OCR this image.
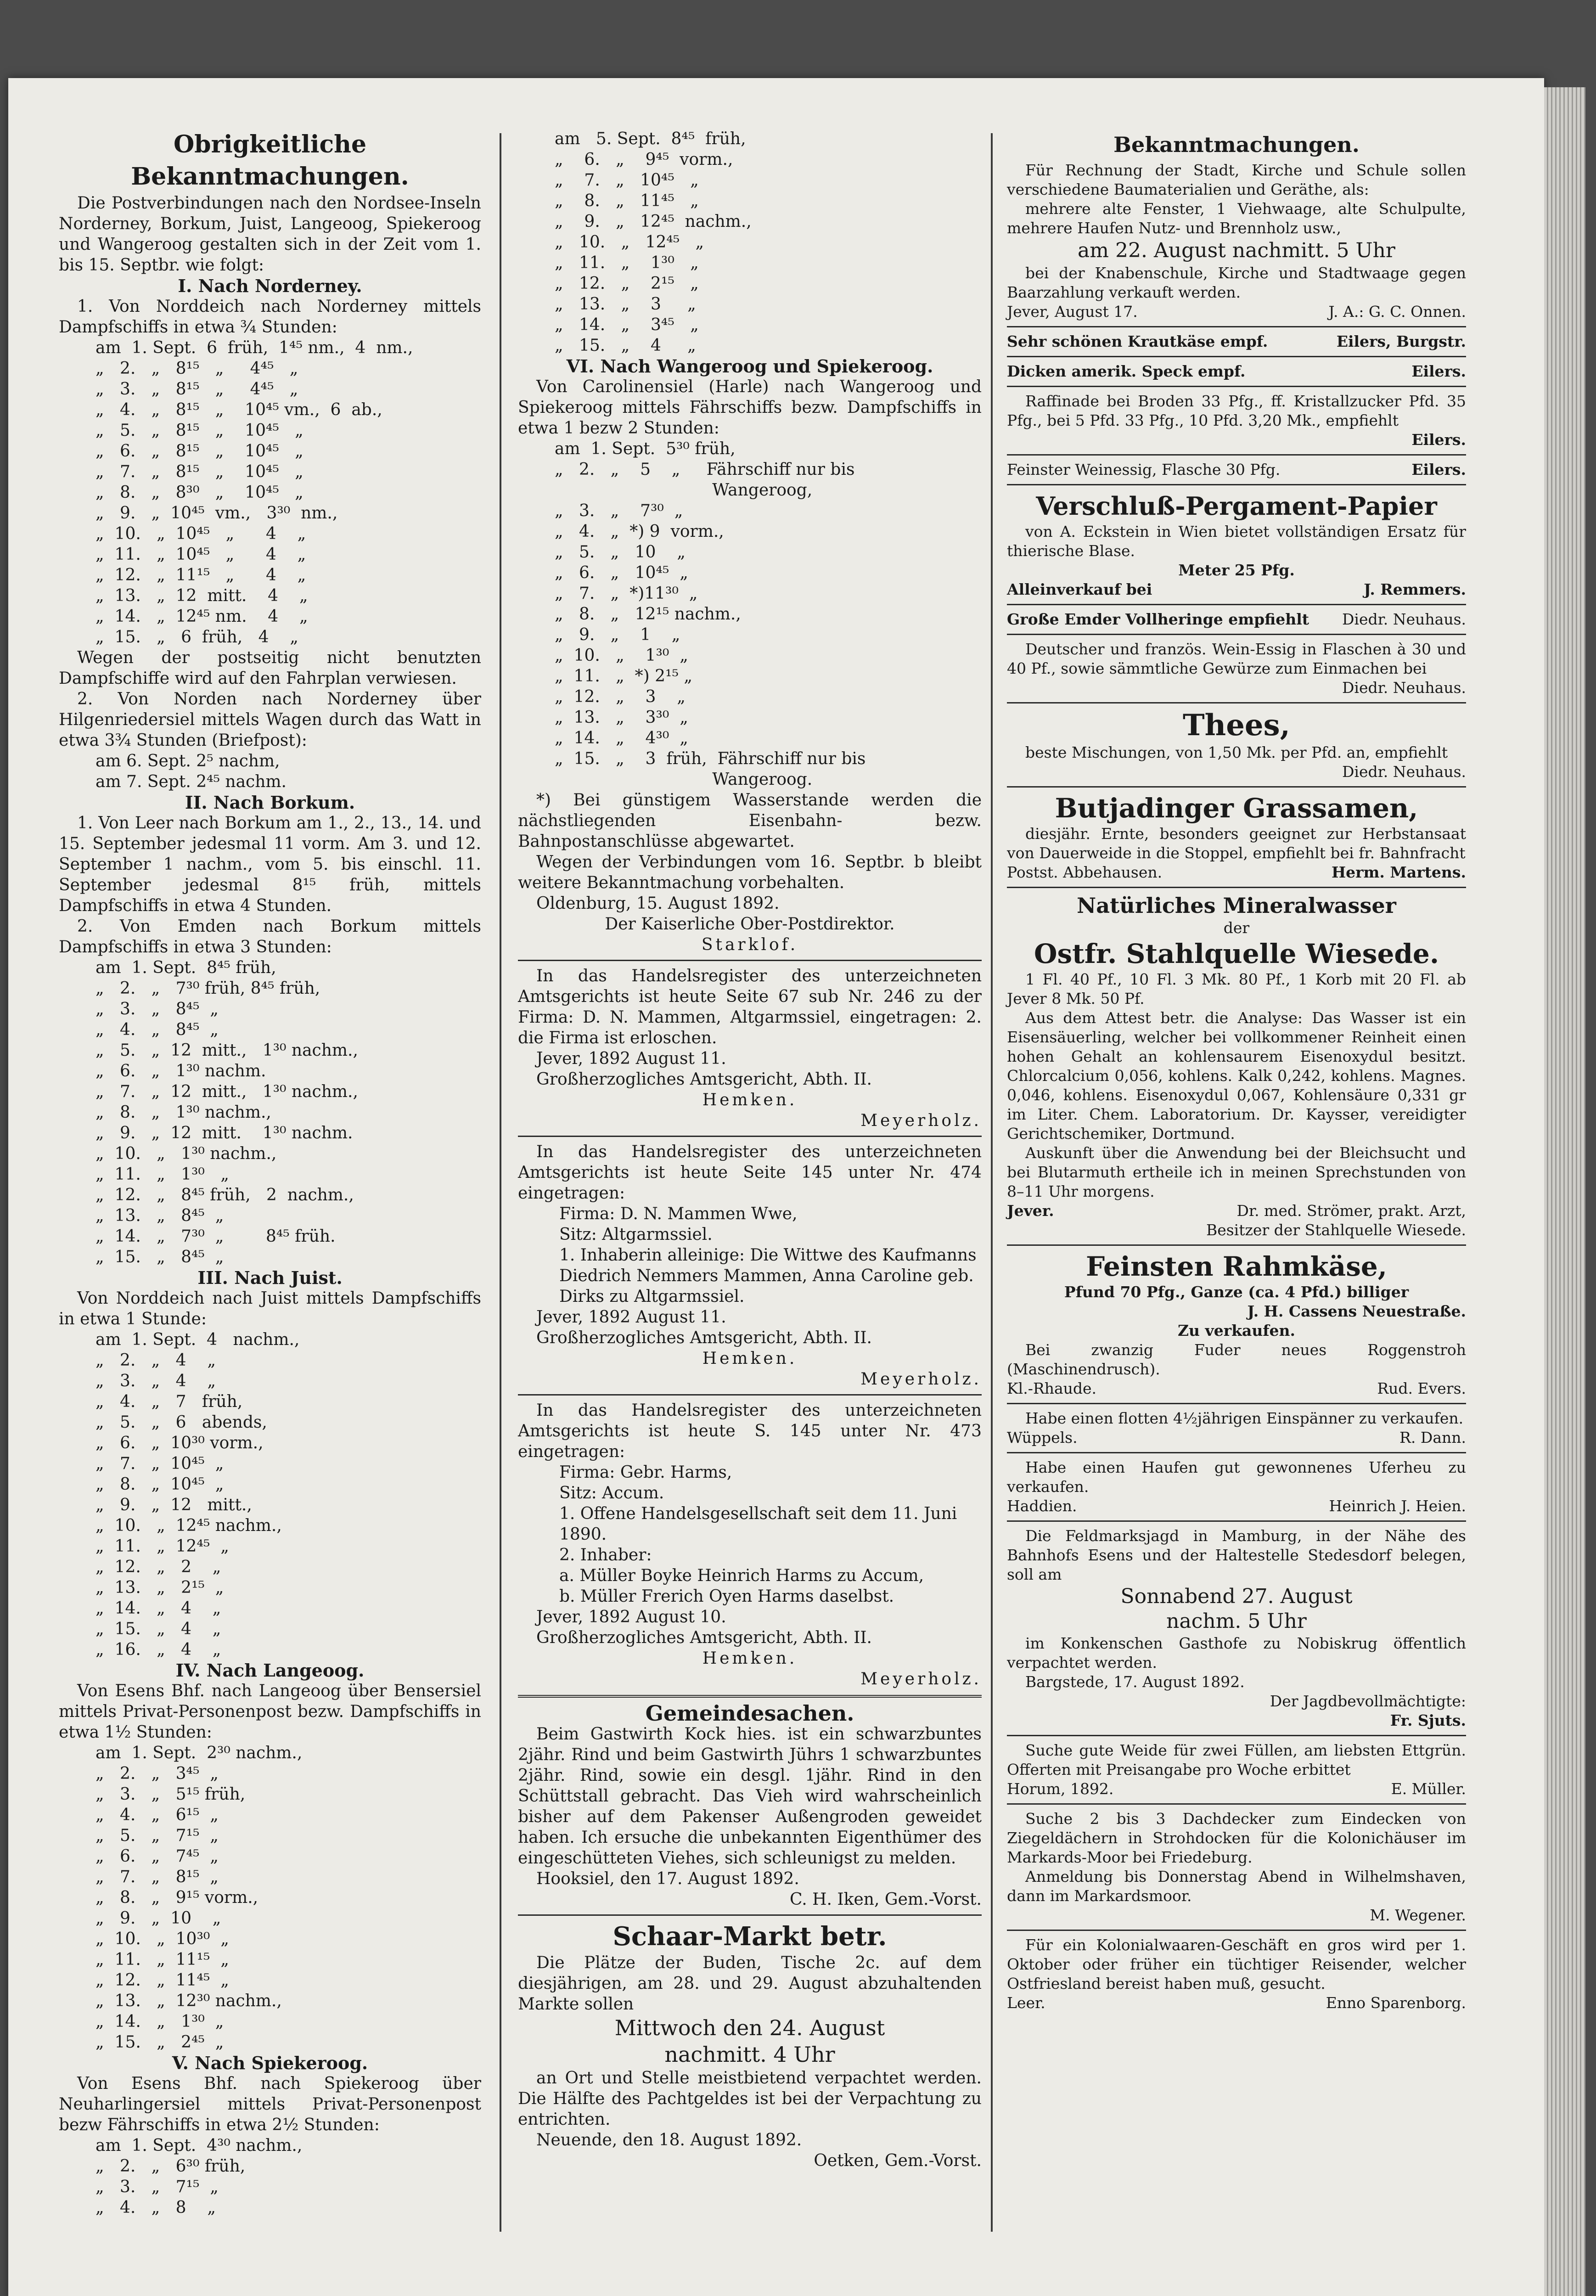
Obrigkeitliche Bekanntmachungen.
Die Postverbindungen nach den Nordsee-Inseln Norderney, Borkum, Juist, Langeoog, Spiekeroog und Wangeroog gestalten sich in der Zeit vom 1. bis 15. Septbr. wie folgt:
I. Nach Norderney.
1. Von Norddeich nach Norderney mittels Dampfschiffs in etwa ¾ Stunden:
am  1. Sept.  6  früh,  1⁴⁵ nm.,  4  nm.,
„   2.   „   8¹⁵   „     4⁴⁵   „
„   3.   „   8¹⁵   „     4⁴⁵   „
„   4.   „   8¹⁵   „    10⁴⁵ vm.,  6  ab.,
„   5.   „   8¹⁵   „    10⁴⁵   „
„   6.   „   8¹⁵   „    10⁴⁵   „
„   7.   „   8¹⁵   „    10⁴⁵   „
„   8.   „   8³⁰   „    10⁴⁵   „
„   9.   „  10⁴⁵  vm.,   3³⁰  nm.,
„  10.   „  10⁴⁵   „      4    „
„  11.   „  10⁴⁵   „      4    „
„  12.   „  11¹⁵   „      4    „
„  13.   „  12  mitt.    4    „
„  14.   „  12⁴⁵ nm.    4    „
„  15.   „   6  früh,   4    „
Wegen der postseitig nicht benutzten Dampfschiffe wird auf den Fahrplan verwiesen.
2. Von Norden nach Norderney über Hilgenriedersiel mittels Wagen durch das Watt in etwa 3¾ Stunden (Briefpost):
am 6. Sept. 2⁵ nachm,
am 7. Sept. 2⁴⁵ nachm.
II. Nach Borkum.
1. Von Leer nach Borkum am 1., 2., 13., 14. und 15. September jedesmal 11 vorm. Am 3. und 12. September 1 nachm., vom 5. bis einschl. 11. September jedesmal 8¹⁵ früh, mittels Dampfschiffs in etwa 4 Stunden.
2. Von Emden nach Borkum mittels Dampfschiffs in etwa 3 Stunden:
am  1. Sept.  8⁴⁵ früh,
„   2.   „   7³⁰ früh, 8⁴⁵ früh,
„   3.   „   8⁴⁵  „
„   4.   „   8⁴⁵  „
„   5.   „  12  mitt.,   1³⁰ nachm.,
„   6.   „   1³⁰ nachm.
„   7.   „  12  mitt.,   1³⁰ nachm.,
„   8.   „   1³⁰ nachm.,
„   9.   „  12  mitt.    1³⁰ nachm.
„  10.   „   1³⁰ nachm.,
„  11.   „   1³⁰   „
„  12.   „   8⁴⁵ früh,   2  nachm.,
„  13.   „   8⁴⁵  „
„  14.   „   7³⁰  „        8⁴⁵ früh.
„  15.   „   8⁴⁵  „
III. Nach Juist.
Von Norddeich nach Juist mittels Dampfschiffs in etwa 1 Stunde:
am  1. Sept.  4   nachm.,
„   2.   „   4    „
„   3.   „   4    „
„   4.   „   7   früh,
„   5.   „   6   abends,
„   6.   „  10³⁰ vorm.,
„   7.   „  10⁴⁵  „
„   8.   „  10⁴⁵  „
„   9.   „  12   mitt.,
„  10.   „  12⁴⁵ nachm.,
„  11.   „  12⁴⁵  „
„  12.   „   2    „
„  13.   „   2¹⁵  „
„  14.   „   4    „
„  15.   „   4    „
„  16.   „   4    „
IV. Nach Langeoog.
Von Esens Bhf. nach Langeoog über Bensersiel mittels Privat-Personenpost bezw. Dampfschiffs in etwa 1½ Stunden:
am  1. Sept.  2³⁰ nachm.,
„   2.   „   3⁴⁵  „
„   3.   „   5¹⁵ früh,
„   4.   „   6¹⁵  „
„   5.   „   7¹⁵  „
„   6.   „   7⁴⁵  „
„   7.   „   8¹⁵  „
„   8.   „   9¹⁵ vorm.,
„   9.   „  10    „
„  10.   „  10³⁰  „
„  11.   „  11¹⁵  „
„  12.   „  11⁴⁵  „
„  13.   „  12³⁰ nachm.,
„  14.   „   1³⁰  „
„  15.   „   2⁴⁵  „
V. Nach Spiekeroog.
Von Esens Bhf. nach Spiekeroog über Neuharlingersiel mittels Privat-Personenpost bezw Fährschiffs in etwa 2½ Stunden:
am  1. Sept.  4³⁰ nachm.,
„   2.   „   6³⁰ früh,
„   3.   „   7¹⁵  „
„   4.   „   8    „
am   5. Sept.  8⁴⁵  früh,
„    6.   „    9⁴⁵  vorm.,
„    7.   „   10⁴⁵   „
„    8.   „   11⁴⁵   „
„    9.   „   12⁴⁵  nachm.,
„   10.   „   12⁴⁵   „
„   11.   „    1³⁰   „
„   12.   „    2¹⁵   „
„   13.   „    3     „
„   14.   „    3⁴⁵   „
„   15.   „    4     „
VI. Nach Wangeroog und Spiekeroog.
Von Carolinensiel (Harle) nach Wangeroog und Spiekeroog mittels Fährschiffs bezw. Dampfschiffs in etwa 1 bezw 2 Stunden:
am  1. Sept.  5³⁰ früh,
„   2.   „    5    „     Fährschiff nur bis
Wangeroog,
„   3.   „    7³⁰  „
„   4.   „  *) 9  vorm.,
„   5.   „   10    „
„   6.   „   10⁴⁵  „
„   7.   „  *)11³⁰  „
„   8.   „   12¹⁵ nachm.,
„   9.   „    1    „
„  10.   „    1³⁰  „
„  11.   „  *) 2¹⁵ „
„  12.   „    3    „
„  13.   „    3³⁰  „
„  14.   „    4³⁰  „
„  15.   „    3  früh,  Fährschiff nur bis
Wangeroog.
*) Bei günstigem Wasserstande werden die nächstliegenden Eisenbahn- bezw. Bahnpostanschlüsse abgewartet.
Wegen der Verbindungen vom 16. Septbr. b bleibt weitere Bekanntmachung vorbehalten.
Oldenburg, 15. August 1892.
Der Kaiserliche Ober-Postdirektor.
Starklof.
In das Handelsregister des unterzeichneten Amtsgerichts ist heute Seite 67 sub Nr. 246 zu der Firma: D. N. Mammen, Altgarmssiel, eingetragen: 2. die Firma ist erloschen.
Jever, 1892 August 11.
Großherzogliches Amtsgericht, Abth. II.
Hemken.
Meyerholz.
In das Handelsregister des unterzeichneten Amtsgerichts ist heute Seite 145 unter Nr. 474 eingetragen:
Firma: D. N. Mammen Wwe,
Sitz: Altgarmssiel.
1. Inhaberin alleinige: Die Wittwe des Kaufmanns Diedrich Nemmers Mammen, Anna Caroline geb. Dirks zu Altgarmssiel.
Jever, 1892 August 11.
Großherzogliches Amtsgericht, Abth. II.
Hemken.
Meyerholz.
In das Handelsregister des unterzeichneten Amtsgerichts ist heute S. 145 unter Nr. 473 eingetragen:
Firma: Gebr. Harms,
Sitz: Accum.
1. Offene Handelsgesellschaft seit dem 11. Juni 1890.
2. Inhaber:
a. Müller Boyke Heinrich Harms zu Accum,
b. Müller Frerich Oyen Harms daselbst.
Jever, 1892 August 10.
Großherzogliches Amtsgericht, Abth. II.
Hemken.
Meyerholz.
Gemeindesachen.
Beim Gastwirth Kock hies. ist ein schwarzbuntes 2jähr. Rind und beim Gastwirth Jührs 1 schwarzbuntes 2jähr. Rind, sowie ein desgl. 1jähr. Rind in den Schüttstall gebracht. Das Vieh wird wahrscheinlich bisher auf dem Pakenser Außengroden geweidet haben. Ich ersuche die unbekannten Eigenthümer des eingeschütteten Viehes, sich schleunigst zu melden.
Hooksiel, den 17. August 1892.
C. H. Iken, Gem.-Vorst.
Schaar-Markt betr.
Die Plätze der Buden, Tische 2c. auf dem diesjährigen, am 28. und 29. August abzuhaltenden Markte sollen
Mittwoch den 24. August
nachmitt. 4 Uhr
an Ort und Stelle meistbietend verpachtet werden. Die Hälfte des Pachtgeldes ist bei der Verpachtung zu entrichten.
Neuende, den 18. August 1892.
Oetken, Gem.-Vorst.
Bekanntmachungen.
Für Rechnung der Stadt, Kirche und Schule sollen verschiedene Baumaterialien und Geräthe, als:
mehrere alte Fenster, 1 Viehwaage, alte Schulpulte, mehrere Haufen Nutz- und Brennholz usw.,
am 22. August nachmitt. 5 Uhr
bei der Knabenschule, Kirche und Stadtwaage gegen Baarzahlung verkauft werden.
Jever, August 17.	J. A.: G. C. Onnen.
Sehr schönen Krautkäse empf.	Eilers, Burgstr.
Dicken amerik. Speck empf.	Eilers.
Raffinade bei Broden 33 Pfg., ff. Kristallzucker Pfd. 35 Pfg., bei 5 Pfd. 33 Pfg., 10 Pfd. 3,20 Mk., empfiehlt
Eilers.
Feinster Weinessig, Flasche 30 Pfg.	Eilers.
Verschluß-Pergament-Papier
von A. Eckstein in Wien bietet vollständigen Ersatz für thierische Blase.
Meter 25 Pfg.
Alleinverkauf bei	J. Remmers.
Große Emder Vollheringe empfiehlt Diedr. Neuhaus.
Deutscher und französ. Wein-Essig in Flaschen à 30 und 40 Pf., sowie sämmtliche Gewürze zum Einmachen bei
Diedr. Neuhaus.
Thees,
beste Mischungen, von 1,50 Mk. per Pfd. an, empfiehlt
Diedr. Neuhaus.
Butjadinger Grassamen,
diesjähr. Ernte, besonders geeignet zur Herbstansaat von Dauerweide in die Stoppel, empfiehlt bei fr. Bahnfracht
Postst. Abbehausen.	Herm. Martens.
Natürliches Mineralwasser
der
Ostfr. Stahlquelle Wiesede.
1 Fl. 40 Pf., 10 Fl. 3 Mk. 80 Pf., 1 Korb mit 20 Fl. ab Jever 8 Mk. 50 Pf.
Aus dem Attest betr. die Analyse: Das Wasser ist ein Eisensäuerling, welcher bei vollkommener Reinheit einen hohen Gehalt an kohlensaurem Eisenoxydul besitzt. Chlorcalcium 0,056, kohlens. Kalk 0,242, kohlens. Magnes. 0,046, kohlens. Eisenoxydul 0,067, Kohlensäure 0,331 gr im Liter. Chem. Laboratorium. Dr. Kaysser, vereidigter Gerichtschemiker, Dortmund.
Auskunft über die Anwendung bei der Bleichsucht und bei Blutarmuth ertheile ich in meinen Sprechstunden von 8–11 Uhr morgens.
Jever.	Dr. med. Strömer, prakt. Arzt,
Besitzer der Stahlquelle Wiesede.
Feinsten Rahmkäse,
Pfund 70 Pfg., Ganze (ca. 4 Pfd.) billiger
J. H. Cassens Neuestraße.
Zu verkaufen.
Bei zwanzig Fuder neues Roggenstroh (Maschinendrusch).
Kl.-Rhaude.	Rud. Evers.
Habe einen flotten 4½jährigen Einspänner zu verkaufen.
Wüppels.	R. Dann.
Habe einen Haufen gut gewonnenes Uferheu zu verkaufen.
Haddien.	Heinrich J. Heien.
Die Feldmarksjagd in Mamburg, in der Nähe des Bahnhofs Esens und der Haltestelle Stedesdorf belegen, soll am
Sonnabend 27. August
nachm. 5 Uhr
im Konkenschen Gasthofe zu Nobiskrug öffentlich verpachtet werden.
Bargstede, 17. August 1892.
Der Jagdbevollmächtigte:
Fr. Sjuts.
Suche gute Weide für zwei Füllen, am liebsten Ettgrün. Offerten mit Preisangabe pro Woche erbittet
Horum, 1892.	E. Müller.
Suche 2 bis 3 Dachdecker zum Eindecken von Ziegeldächern in Strohdocken für die Kolonichäuser im Markards-Moor bei Friedeburg.
Anmeldung bis Donnerstag Abend in Wilhelmshaven, dann im Markardsmoor.
M. Wegener.
Für ein Kolonialwaaren-Geschäft en gros wird per 1. Oktober oder früher ein tüchtiger Reisender, welcher Ostfriesland bereist haben muß, gesucht.
Leer.	Enno Sparenborg.
